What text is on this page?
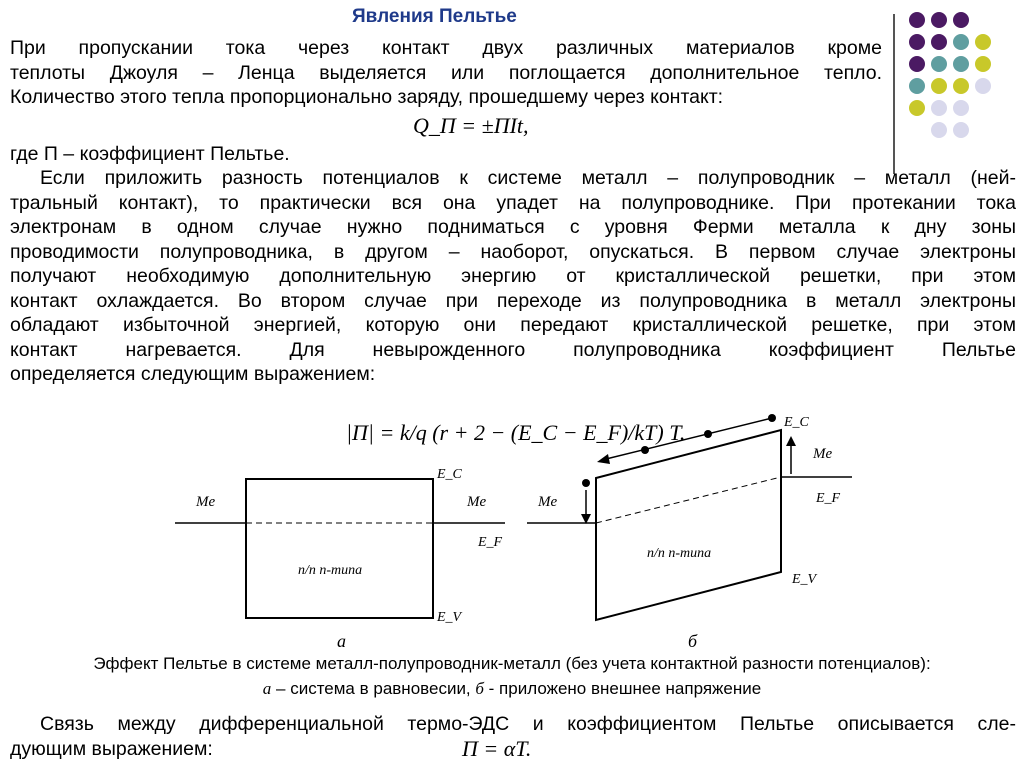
Явления Пельтье
При пропускании тока через контакт двух различных материалов кроме
теплоты Джоуля – Ленца выделяется или поглощается дополнительное тепло.
Количество этого тепла пропорционально заряду, прошедшему через контакт:
Q_П = ±ПIt,
где П – коэффициент Пельтье.
Если приложить разность потенциалов к системе металл – полупроводник – металл (ней-
тральный контакт), то практически вся она упадет на полупроводнике. При протекании тока
электронам в одном случае нужно подниматься с уровня Ферми металла к дну зоны
проводимости полупроводника, в другом – наоборот, опускаться. В первом случае электроны
получают необходимую дополнительную энергию от кристаллической решетки, при этом
контакт охлаждается. Во втором случае при переходе из полупроводника в металл электроны
обладают избыточной энергией, которую они передают кристаллической решетке, при этом
контакт нагревается. Для невырожденного полупроводника коэффициент Пельтье
определяется следующим выражением:
|П| = k/q (r + 2 − (E_C − E_F)/kT) T.
Me	Me
E_C
E_F
E_V
n/n n-типа
а
Me
Me
E_C
E_F
E_V
n/n n-типа
б
Эффект Пельтье в системе металл-полупроводник-металл (без учета контактной разности потенциалов):
а – система в равновесии, б - приложено внешнее напряжение
Связь между дифференциальной термо-ЭДС и коэффициентом Пельтье описывается сле-
дующим выражением:	П = αT.
